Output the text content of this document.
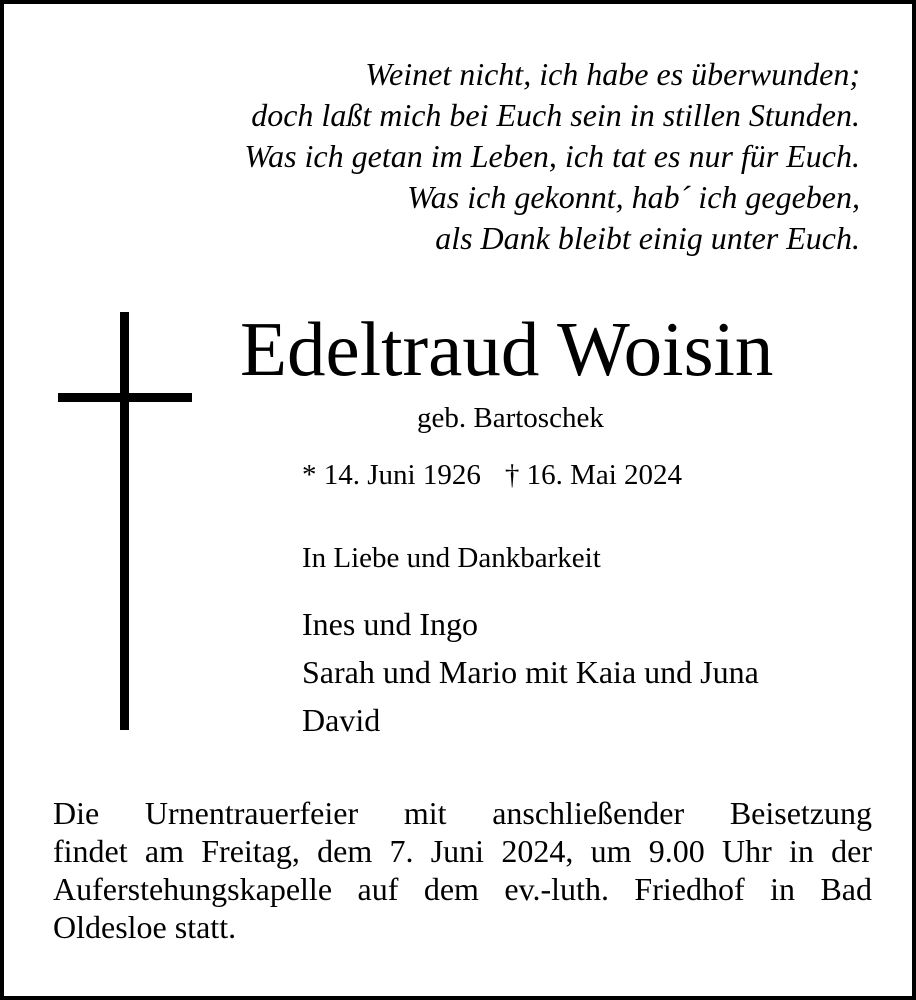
Weinet nicht, ich habe es überwunden;
doch laßt mich bei Euch sein in stillen Stunden.
Was ich getan im Leben, ich tat es nur für Euch.
Was ich gekonnt, hab´ ich gegeben,
als Dank bleibt einig unter Euch.
Edeltraud Woisin
geb. Bartoschek
* 14. Juni 1926 † 16. Mai 2024
In Liebe und Dankbarkeit
Ines und Ingo
Sarah und Mario mit Kaia und Juna
David
Die Urnentrauerfeier mit anschließender Beisetzung
findet am Freitag, dem 7. Juni 2024, um 9.00 Uhr in der
Auferstehungskapelle auf dem ev.-luth. Friedhof in Bad
Oldesloe statt.
